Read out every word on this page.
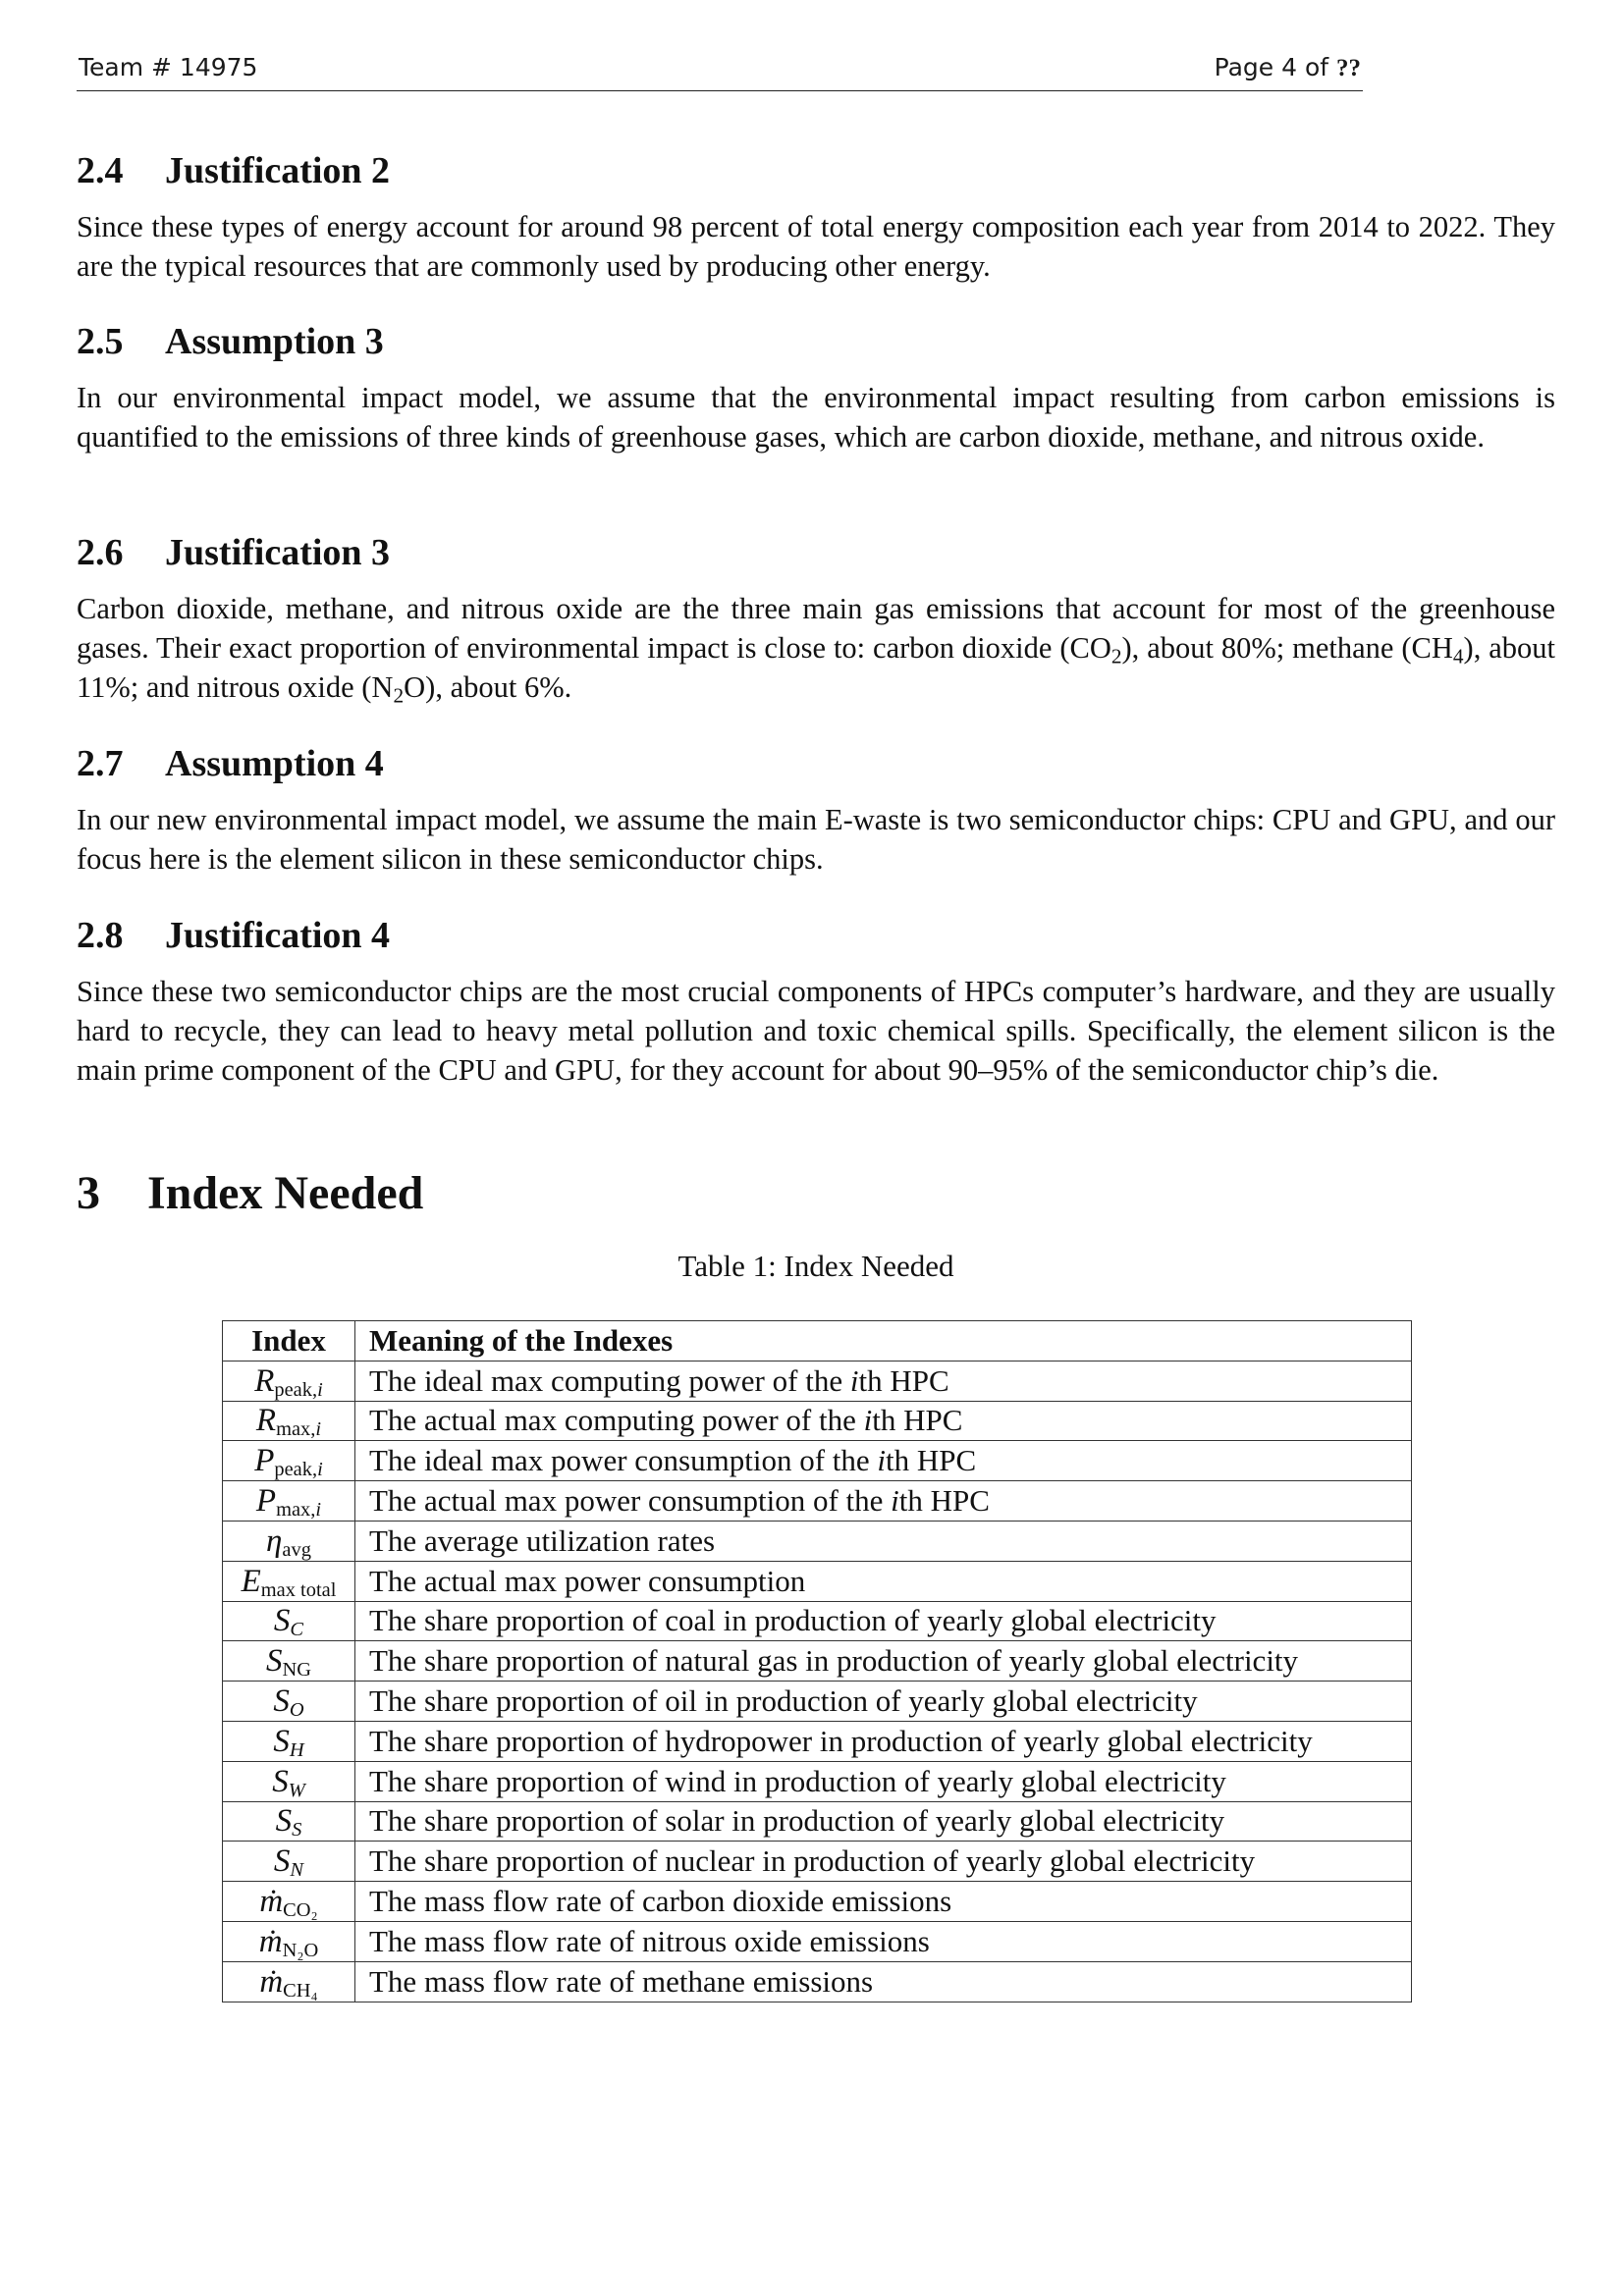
Team # 14975	Page 4 of ??
2.4 Justification 2

Since these types of energy account for around 98 percent of total energy composition each year from 2014 to 2022. They are the typical resources that are commonly used by producing other energy.

2.5 Assumption 3

In our environmental impact model, we assume that the environmental impact resulting from carbon emissions is quantified to the emissions of three kinds of greenhouse gases, which are carbon dioxide, methane, and nitrous oxide.

2.6 Justification 3

Carbon dioxide, methane, and nitrous oxide are the three main gas emissions that account for most of the greenhouse gases. Their exact proportion of environmental impact is close to: carbon dioxide $(CO_2)$, about 80%; methane $(CH_4)$, about 11%; and nitrous oxide $(N_2O)$, about 6%.

2.7 Assumption 4

In our new environmental impact model, we assume the main E-waste is two semiconductor chips: CPU and GPU, and our focus here is the element silicon in these semiconductor chips.

2.8 Justification 4

Since these two semiconductor chips are the most crucial components of HPCs computer’s hardware, and they are usually hard to recycle, they can lead to heavy metal pollution and toxic chemical spills. Specifically, the element silicon is the main prime component of the CPU and GPU, for they account for about 90–95% of the semiconductor chip’s die.

3 Index Needed
Table 1: Index Needed
Index	Meaning of the Indexes
$R_{peak,i}$	The ideal max computing power of the ith HPC
$R_{max,i}$	The actual max computing power of the ith HPC
$P_{peak,i}$	The ideal max power consumption of the ith HPC
$P_{max,i}$	The actual max power consumption of the ith HPC
$\eta_{avg}$	The average utilization rates
$E_{max total}$	The actual max power consumption
$S_C$	The share proportion of coal in production of yearly global electricity
$S_{NG}$	The share proportion of natural gas in production of yearly global electricity
$S_O$	The share proportion of oil in production of yearly global electricity
$S_H$	The share proportion of hydropower in production of yearly global electricity
$S_W$	The share proportion of wind in production of yearly global electricity
$S_S$	The share proportion of solar in production of yearly global electricity
$S_N$	The share proportion of nuclear in production of yearly global electricity
ṁ$_{CO_2}$	The mass flow rate of carbon dioxide emissions
ṁ$_{N_2O}$	The mass flow rate of nitrous oxide emissions
ṁ$_{CH_4}$	The mass flow rate of methane emissions
